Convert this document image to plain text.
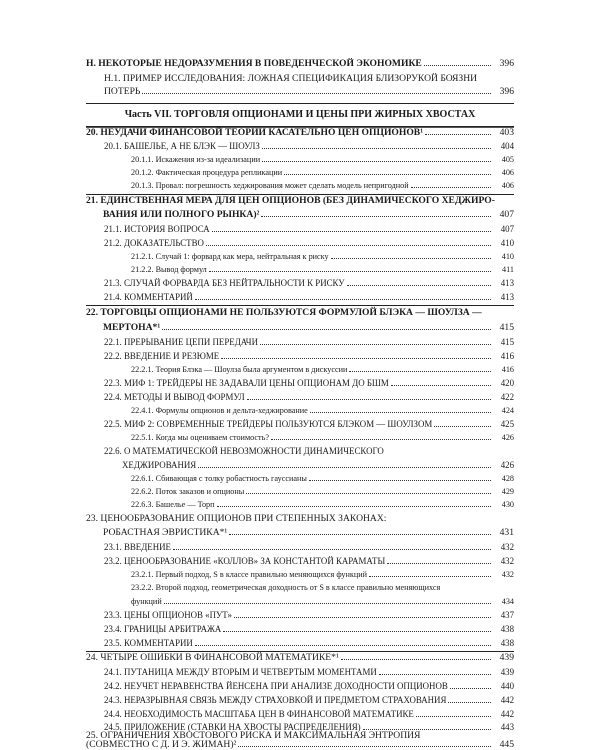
H. НЕКОТОРЫЕ НЕДОРАЗУМЕНИЯ В ПОВЕДЕНЧЕСКОЙ ЭКОНОМИКЕ	396
H.1. ПРИМЕР ИССЛЕДОВАНИЯ: ЛОЖНАЯ СПЕЦИФИКАЦИЯ БЛИЗОРУКОЙ БОЯЗНИ
ПОТЕРЬ	396
Часть VII. ТОРГОВЛЯ ОПЦИОНАМИ И ЦЕНЫ ПРИ ЖИРНЫХ ХВОСТАХ
20. НЕУДАЧИ ФИНАНСОВОЙ ТЕОРИИ КАСАТЕЛЬНО ЦЕН ОПЦИОНОВ¹	403
20.1. БАШЕЛЬЕ, А НЕ БЛЭК — ШОУЛЗ	404
20.1.1. Искажения из-за идеализации	405
20.1.2. Фактическая процедура репликации	406
20.1.3. Провал: погрешность хеджирования может сделать модель непригодной	406
21. ЕДИНСТВЕННАЯ МЕРА ДЛЯ ЦЕН ОПЦИОНОВ (БЕЗ ДИНАМИЧЕСКОГО ХЕДЖИРО-
ВАНИЯ ИЛИ ПОЛНОГО РЫНКА)²	407
21.1. ИСТОРИЯ ВОПРОСА	407
21.2. ДОКАЗАТЕЛЬСТВО	410
21.2.1. Случай 1: форвард как мера, нейтральная к риску	410
21.2.2. Вывод формул	411
21.3. СЛУЧАЙ ФОРВАРДА БЕЗ НЕЙТРАЛЬНОСТИ К РИСКУ	413
21.4. КОММЕНТАРИЙ	413
22. ТОРГОВЦЫ ОПЦИОНАМИ НЕ ПОЛЬЗУЮТСЯ ФОРМУЛОЙ БЛЭКА — ШОУЛЗА —
МЕРТОНА*¹	415
22.1. ПРЕРЫВАНИЕ ЦЕПИ ПЕРЕДАЧИ	415
22.2. ВВЕДЕНИЕ И РЕЗЮМЕ	416
22.2.1. Теория Блэка — Шоулза была аргументом в дискуссии	416
22.3. МИФ 1: ТРЕЙДЕРЫ НЕ ЗАДАВАЛИ ЦЕНЫ ОПЦИОНАМ ДО БШМ	420
22.4. МЕТОДЫ И ВЫВОД ФОРМУЛ	422
22.4.1. Формулы опционов и дельта-хеджирование	424
22.5. МИФ 2: СОВРЕМЕННЫЕ ТРЕЙДЕРЫ ПОЛЬЗУЮТСЯ БЛЭКОМ — ШОУЛЗОМ	425
22.5.1. Когда мы оцениваем стоимость?	426
22.6. О МАТЕМАТИЧЕСКОЙ НЕВОЗМОЖНОСТИ ДИНАМИЧЕСКОГО
ХЕДЖИРОВАНИЯ	426
22.6.1. Сбивающая с толку робастность гауссианы	428
22.6.2. Поток заказов и опционы	429
22.6.3. Башелье — Торп	430
23. ЦЕНООБРАЗОВАНИЕ ОПЦИОНОВ ПРИ СТЕПЕННЫХ ЗАКОНАХ:
РОБАСТНАЯ ЭВРИСТИКА*¹	431
23.1. ВВЕДЕНИЕ	432
23.2. ЦЕНООБРАЗОВАНИЕ «КОЛЛОВ» ЗА КОНСТАНТОЙ КАРАМАТЫ	432
23.2.1. Первый подход, S в классе правильно меняющихся функций	432
23.2.2. Второй подход, геометрическая доходность от S в классе правильно меняющихся
функций	434
23.3. ЦЕНЫ ОПЦИОНОВ «ПУТ»	437
23.4. ГРАНИЦЫ АРБИТРАЖА	438
23.5. КОММЕНТАРИИ	438
24. ЧЕТЫРЕ ОШИБКИ В ФИНАНСОВОЙ МАТЕМАТИКЕ*¹	439
24.1. ПУТАНИЦА МЕЖДУ ВТОРЫМ И ЧЕТВЕРТЫМ МОМЕНТАМИ	439
24.2. НЕУЧЕТ НЕРАВЕНСТВА ЙЕНСЕНА ПРИ АНАЛИЗЕ ДОХОДНОСТИ ОПЦИОНОВ	440
24.3. НЕРАЗРЫВНАЯ СВЯЗЬ МЕЖДУ СТРАХОВКОЙ И ПРЕДМЕТОМ СТРАХОВАНИЯ	442
24.4. НЕОБХОДИМОСТЬ МАСШТАБА ЦЕН В ФИНАНСОВОЙ МАТЕМАТИКЕ	442
24.5. ПРИЛОЖЕНИЕ (СТАВКИ НА ХВОСТЫ РАСПРЕДЕЛЕНИЯ)	443
25. ОГРАНИЧЕНИЯ ХВОСТОВОГО РИСКА И МАКСИМАЛЬНАЯ ЭНТРОПИЯ
(СОВМЕСТНО С Д. И Э. ЖИМАН)²	445
